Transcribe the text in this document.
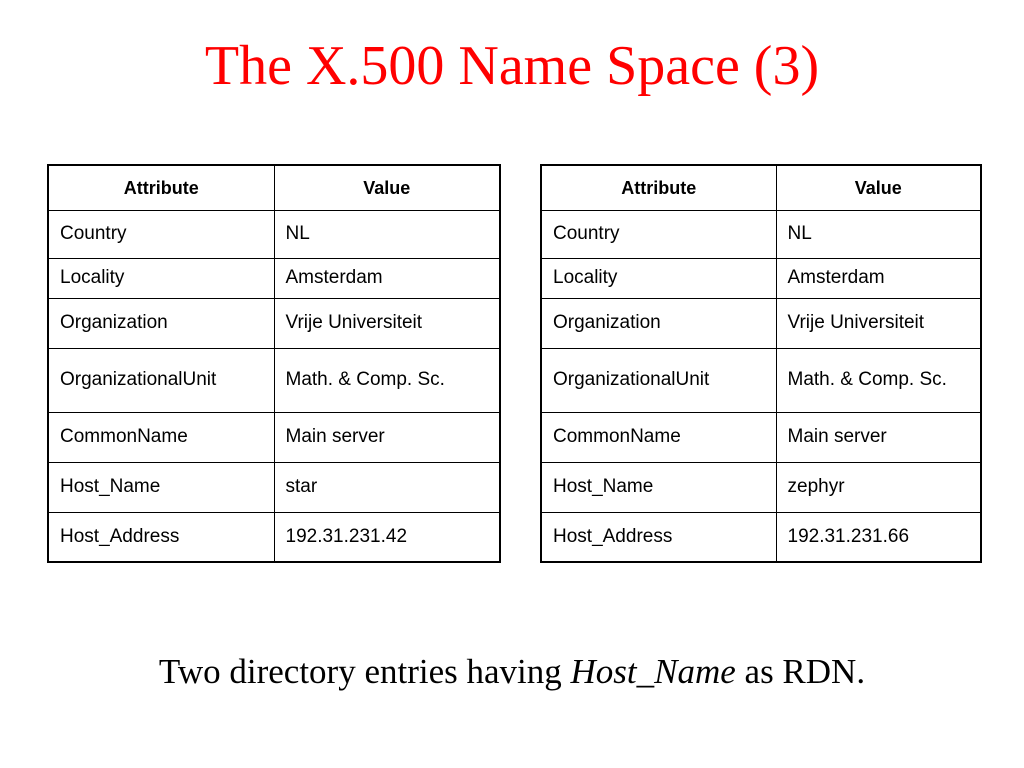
The X.500 Name Space (3)
Attribute	Value
Country	NL
Locality	Amsterdam
Organization	Vrije Universiteit
OrganizationalUnit	Math. & Comp. Sc.
CommonName	Main server
Host_Name	star
Host_Address	192.31.231.42
Attribute	Value
Country	NL
Locality	Amsterdam
Organization	Vrije Universiteit
OrganizationalUnit	Math. & Comp. Sc.
CommonName	Main server
Host_Name	zephyr
Host_Address	192.31.231.66
Two directory entries having Host_Name as RDN.
